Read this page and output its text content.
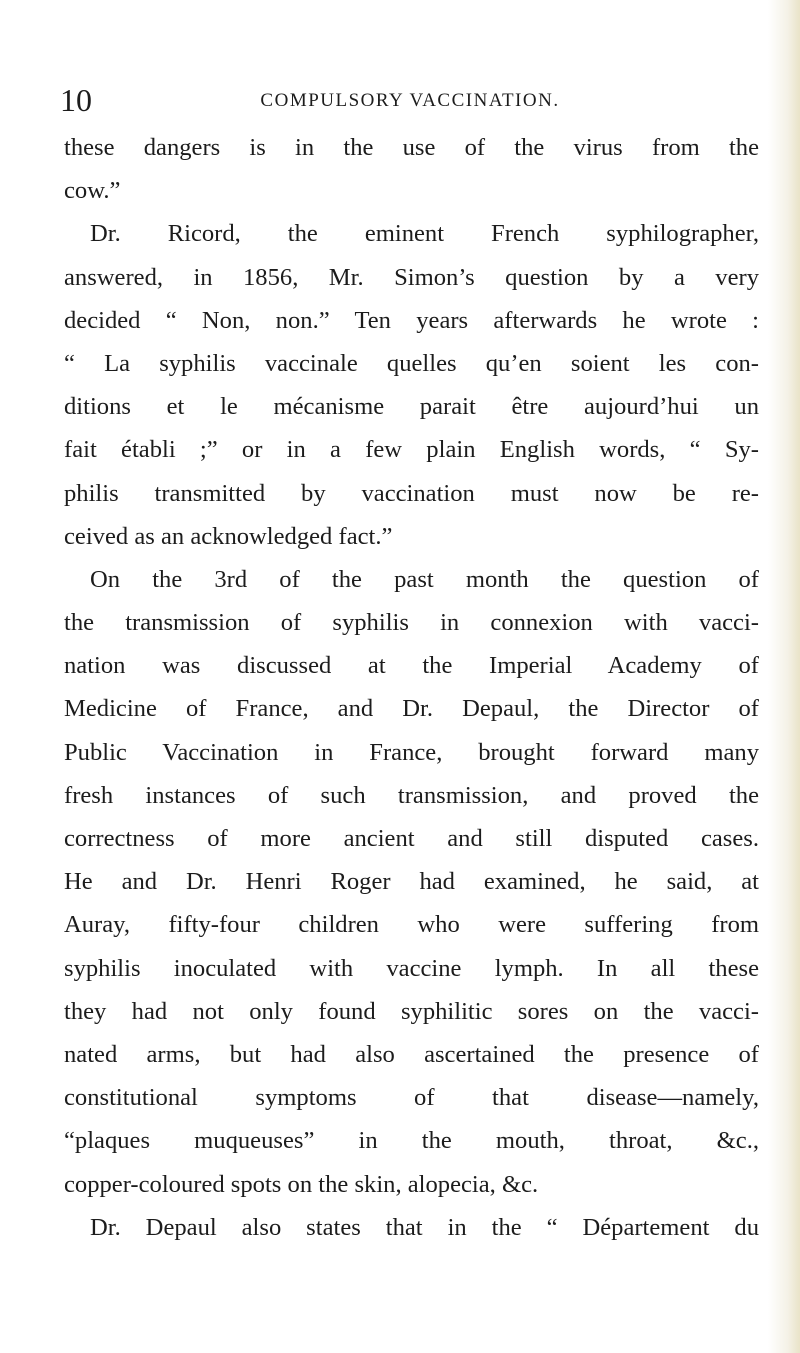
10	COMPULSORY VACCINATION.
these dangers is in the use of the virus from the
cow.”
Dr. Ricord, the eminent French syphilographer,
answered, in 1856, Mr. Simon’s question by a very
decided “ Non, non.” Ten years afterwards he wrote :
“ La syphilis vaccinale quelles qu’en soient les con-
ditions et le mécanisme parait être aujourd’hui un
fait établi ;” or in a few plain English words, “ Sy-
philis transmitted by vaccination must now be re-
ceived as an acknowledged fact.”
On the 3rd of the past month the question of
the transmission of syphilis in connexion with vacci-
nation was discussed at the Imperial Academy of
Medicine of France, and Dr. Depaul, the Director of
Public Vaccination in France, brought forward many
fresh instances of such transmission, and proved the
correctness of more ancient and still disputed cases.
He and Dr. Henri Roger had examined, he said, at
Auray, fifty-four children who were suffering from
syphilis inoculated with vaccine lymph. In all these
they had not only found syphilitic sores on the vacci-
nated arms, but had also ascertained the presence of
constitutional symptoms of that disease—namely,
“plaques muqueuses” in the mouth, throat, &c.,
copper-coloured spots on the skin, alopecia, &c.
Dr. Depaul also states that in the “ Département du
